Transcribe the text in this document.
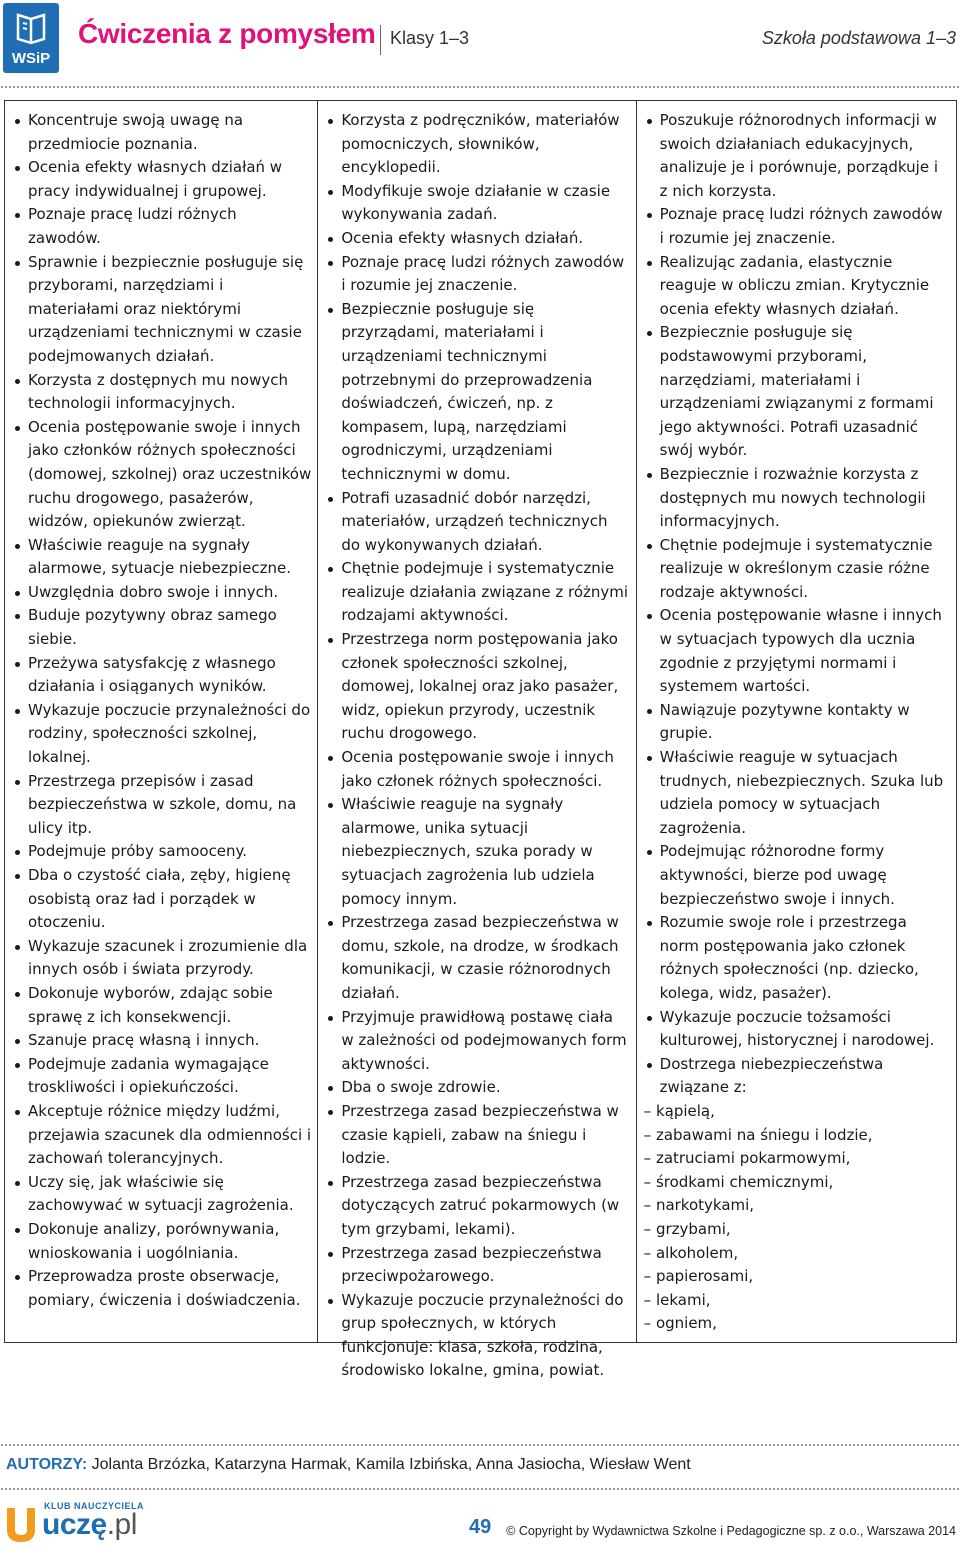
WSiP
Ćwiczenia z pomysłem Klasy 1–3	Szkoła podstawowa 1–3
Koncentruje swoją uwagę na przedmiocie poznania.
Ocenia efekty własnych działań w pracy indywidualnej i grupowej.
Poznaje pracę ludzi różnych zawodów.
Sprawnie i bezpiecznie posługuje się przyborami, narzędziami i materiałami oraz niektórymi urządzeniami technicznymi w czasie podejmowanych działań.
Korzysta z dostępnych mu nowych technologii informacyjnych.
Ocenia postępowanie swoje i innych jako członków różnych społeczności (domowej, szkolnej) oraz uczestników ruchu drogowego, pasażerów, widzów, opiekunów zwierząt.
Właściwie reaguje na sygnały alarmowe, sytuacje niebezpieczne.
Uwzględnia dobro swoje i innych.
Buduje pozytywny obraz samego siebie.
Przeżywa satysfakcję z własnego działania i osiąganych wyników.
Wykazuje poczucie przynależności do rodziny, społeczności szkolnej, lokalnej.
Przestrzega przepisów i zasad bezpieczeństwa w szkole, domu, na ulicy itp.
Podejmuje próby samooceny.
Dba o czystość ciała, zęby, higienę osobistą oraz ład i porządek w otoczeniu.
Wykazuje szacunek i zrozumienie dla innych osób i świata przyrody.
Dokonuje wyborów, zdając sobie sprawę z ich konsekwencji.
Szanuje pracę własną i innych.
Podejmuje zadania wymagające troskliwości i opiekuńczości.
Akceptuje różnice między ludźmi, przejawia szacunek dla odmienności i zachowań tolerancyjnych.
Uczy się, jak właściwie się zachowywać w sytuacji zagrożenia.
Dokonuje analizy, porównywania, wnioskowania i uogólniania.
Przeprowadza proste obserwacje, pomiary, ćwiczenia i doświadczenia.
Korzysta z podręczników, materiałów pomocniczych, słowników, encyklopedii.
Modyfikuje swoje działanie w czasie wykonywania zadań.
Ocenia efekty własnych działań.
Poznaje pracę ludzi różnych zawodów i rozumie jej znaczenie.
Bezpiecznie posługuje się przyrządami, materiałami i urządzeniami technicznymi potrzebnymi do przeprowadzenia doświadczeń, ćwiczeń, np. z kompasem, lupą, narzędziami ogrodniczymi, urządzeniami technicznymi w domu.
Potrafi uzasadnić dobór narzędzi, materiałów, urządzeń technicznych do wykonywanych działań.
Chętnie podejmuje i systematycznie realizuje działania związane z różnymi rodzajami aktywności.
Przestrzega norm postępowania jako członek społeczności szkolnej, domowej, lokalnej oraz jako pasażer, widz, opiekun przyrody, uczestnik ruchu drogowego.
Ocenia postępowanie swoje i innych jako członek różnych społeczności.
Właściwie reaguje na sygnały alarmowe, unika sytuacji niebezpiecznych, szuka porady w sytuacjach zagrożenia lub udziela pomocy innym.
Przestrzega zasad bezpieczeństwa w domu, szkole, na drodze, w środkach komunikacji, w czasie różnorodnych działań.
Przyjmuje prawidłową postawę ciała w zależności od podejmowanych form aktywności.
Dba o swoje zdrowie.
Przestrzega zasad bezpieczeństwa w czasie kąpieli, zabaw na śniegu i lodzie.
Przestrzega zasad bezpieczeństwa dotyczących zatruć pokarmowych (w tym grzybami, lekami).
Przestrzega zasad bezpieczeństwa przeciwpożarowego.
Wykazuje poczucie przynależności do grup społecznych, w których funkcjonuje: klasa, szkoła, rodzina, środowisko lokalne, gmina, powiat.
Poszukuje różnorodnych informacji w swoich działaniach edukacyjnych, analizuje je i porównuje, porządkuje i z nich korzysta.
Poznaje pracę ludzi różnych zawodów i rozumie jej znaczenie.
Realizując zadania, elastycznie reaguje w obliczu zmian. Krytycznie ocenia efekty własnych działań.
Bezpiecznie posługuje się podstawowymi przyborami, narzędziami, materiałami i urządzeniami związanymi z formami jego aktywności. Potrafi uzasadnić swój wybór.
Bezpiecznie i rozważnie korzysta z dostępnych mu nowych technologii informacyjnych.
Chętnie podejmuje i systematycznie realizuje w określonym czasie różne rodzaje aktywności.
Ocenia postępowanie własne i innych w sytuacjach typowych dla ucznia zgodnie z przyjętymi normami i systemem wartości.
Nawiązuje pozytywne kontakty w grupie.
Właściwie reaguje w sytuacjach trudnych, niebezpiecznych. Szuka lub udziela pomocy w sytuacjach zagrożenia.
Podejmując różnorodne formy aktywności, bierze pod uwagę bezpieczeństwo swoje i innych.
Rozumie swoje role i przestrzega norm postępowania jako członek różnych społeczności (np. dziecko, kolega, widz, pasażer).
Wykazuje poczucie tożsamości kulturowej, historycznej i narodowej.
Dostrzega niebezpieczeństwa związane z:
– kąpielą,
– zabawami na śniegu i lodzie,
– zatruciami pokarmowymi,
– środkami chemicznymi,
– narkotykami,
– grzybami,
– alkoholem,
– papierosami,
– lekami,
– ogniem,
AUTORZY: Jolanta Brzózka, Katarzyna Harmak, Kamila Izbińska, Anna Jasiocha, Wiesław Went
KLUB NAUCZYCIELA
uczę.pl	49 © Copyright by Wydawnictwa Szkolne i Pedagogiczne sp. z o.o., Warszawa 2014
